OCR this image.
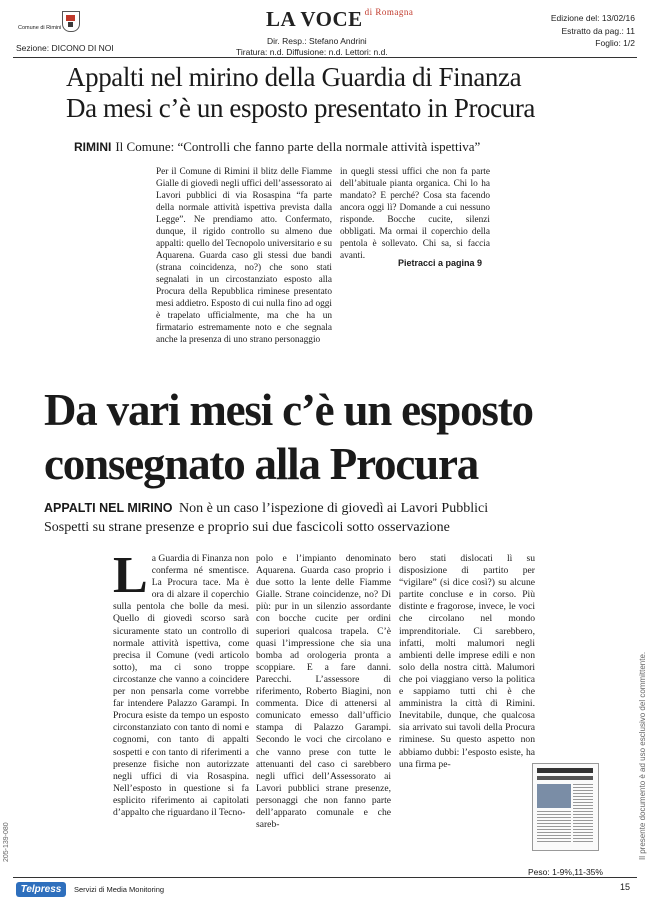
Comune di Rimini
Sezione: DICONO DI NOI
LA VOCE $^{di Romagna}$
Dir. Resp.: Stefano Andrini
Tiratura: n.d. Diffusione: n.d. Lettori: n.d.
Edizione del: 13/02/16
Estratto da pag.: 11
Foglio: 1/2
Appalti nel mirino della Guardia di Finanza
Da mesi c’è un esposto presentato in Procura
RIMINI Il Comune: “Controlli che fanno parte della normale attività ispettiva”
Per il Comune di Rimini il blitz delle Fiamme Gialle di giovedì negli uffici dell’assessorato ai Lavori pubblici di via Rosaspina “fa parte della normale attività ispettiva prevista dalla Legge”. Ne prendiamo atto. Confermato, dunque, il rigido controllo su almeno due appalti: quello del Tecnopolo universitario e su Aquarena. Guarda caso gli stessi due bandi (strana coincidenza, no?) che sono stati segnalati in un circostanziato esposto alla Procura della Repubblica riminese presentato mesi addietro. Esposto di cui nulla fino ad oggi è trapelato ufficialmente, ma che ha un firmatario estremamente noto e che segnala anche la presenza di uno strano personaggio
in quegli stessi uffici che non fa parte dell’abituale pianta organica. Chi lo ha mandato? E perché? Cosa sta facendo ancora oggi lì? Domande a cui nessuno risponde. Bocche cucite, silenzi obbligati. Ma ormai il coperchio della pentola è sollevato. Chi sa, si faccia avanti.
Pietracci a pagina 9
Da vari mesi c’è un esposto
consegnato alla Procura
APPALTI NEL MIRINO Non è un caso l’ispezione di giovedì ai Lavori Pubblici
Sospetti su strane presenze e proprio sui due fascicoli sotto osservazione
La Guardia di Finanza non conferma né smentisce. La Procura tace. Ma è ora di alzare il coperchio sulla pentola che bolle da mesi. Quello di giovedì scorso sarà sicuramente stato un controllo di normale attività ispettiva, come precisa il Comune (vedi articolo sotto), ma ci sono troppe circostanze che vanno a coincidere per non pensarla come vorrebbe far intendere Palazzo Garampi. In Procura esiste da tempo un esposto circonstanziato con tanto di nomi e cognomi, con tanto di appalti sospetti e con tanto di riferimenti a presenze fisiche non autorizzate negli uffici di via Rosaspina. Nell’esposto in questione si fa esplicito riferimento ai capitolati d’appalto che riguardano il Tecno-
polo e l’impianto denominato Aquarena. Guarda caso proprio i due sotto la lente delle Fiamme Gialle. Strane coincidenze, no? Di più: pur in un silenzio assordante con bocche cucite per ordini superiori qualcosa trapela. C’è quasi l’impressione che sia una bomba ad orologeria pronta a scoppiare. E a fare danni. Parecchi. L’assessore di riferimento, Roberto Biagini, non commenta. Dice di attenersi al comunicato emesso dall’ufficio stampa di Palazzo Garampi. Secondo le voci che circolano e che vanno prese con tutte le attenuanti del caso ci sarebbero negli uffici dell’Assessorato ai Lavori pubblici strane presenze, personaggi che non fanno parte dell’apparato comunale e che sareb-
bero stati dislocati lì su disposizione di partito per “vigilare” (si dice così?) su alcune partite concluse e in corso. Più distinte e fragorose, invece, le voci che circolano nel mondo imprenditoriale. Ci sarebbero, infatti, molti malumori negli ambienti delle imprese edili e non solo della nostra città. Malumori che poi viaggiano verso la politica e sappiamo tutti chi è che amministra la città di Rimini. Inevitabile, dunque, che qualcosa sia arrivato sui tavoli della Procura riminese. Su questo aspetto non abbiamo dubbi: l’esposto esiste, ha una firma pe-
Peso: 1-9%,11-35%
15
Telpress	Servizi di Media Monitoring
Il presente documento è ad uso esclusivo del committente.
205-139-080
